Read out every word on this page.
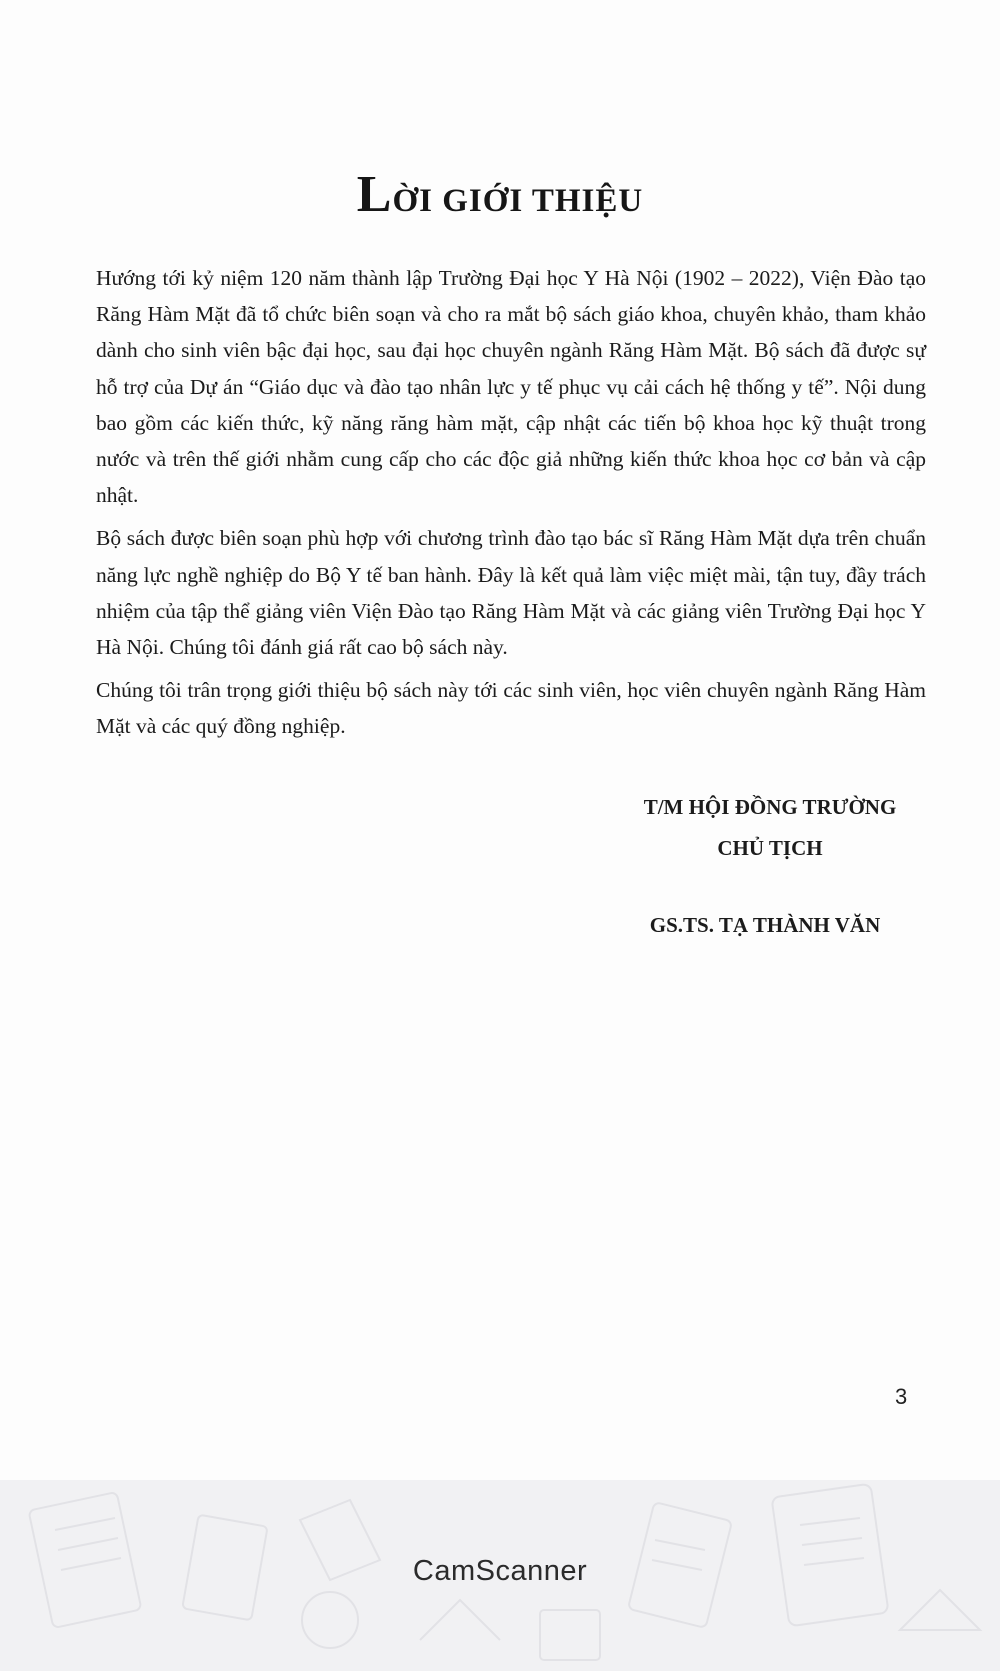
LỜI GIỚI THIỆU

Hướng tới kỷ niệm 120 năm thành lập Trường Đại học Y Hà Nội (1902 – 2022), Viện Đào tạo Răng Hàm Mặt đã tổ chức biên soạn và cho ra mắt bộ sách giáo khoa, chuyên khảo, tham khảo dành cho sinh viên bậc đại học, sau đại học chuyên ngành Răng Hàm Mặt. Bộ sách đã được sự hỗ trợ của Dự án “Giáo dục và đào tạo nhân lực y tế phục vụ cải cách hệ thống y tế”. Nội dung bao gồm các kiến thức, kỹ năng răng hàm mặt, cập nhật các tiến bộ khoa học kỹ thuật trong nước và trên thế giới nhằm cung cấp cho các độc giả những kiến thức khoa học cơ bản và cập nhật.

Bộ sách được biên soạn phù hợp với chương trình đào tạo bác sĩ Răng Hàm Mặt dựa trên chuẩn năng lực nghề nghiệp do Bộ Y tế ban hành. Đây là kết quả làm việc miệt mài, tận tuy, đầy trách nhiệm của tập thể giảng viên Viện Đào tạo Răng Hàm Mặt và các giảng viên Trường Đại học Y Hà Nội. Chúng tôi đánh giá rất cao bộ sách này.

Chúng tôi trân trọng giới thiệu bộ sách này tới các sinh viên, học viên chuyên ngành Răng Hàm Mặt và các quý đồng nghiệp.

T/M HỘI ĐỒNG TRƯỜNG
CHỦ TỊCH
GS.TS. TẠ THÀNH VĂN
3
CamScanner
